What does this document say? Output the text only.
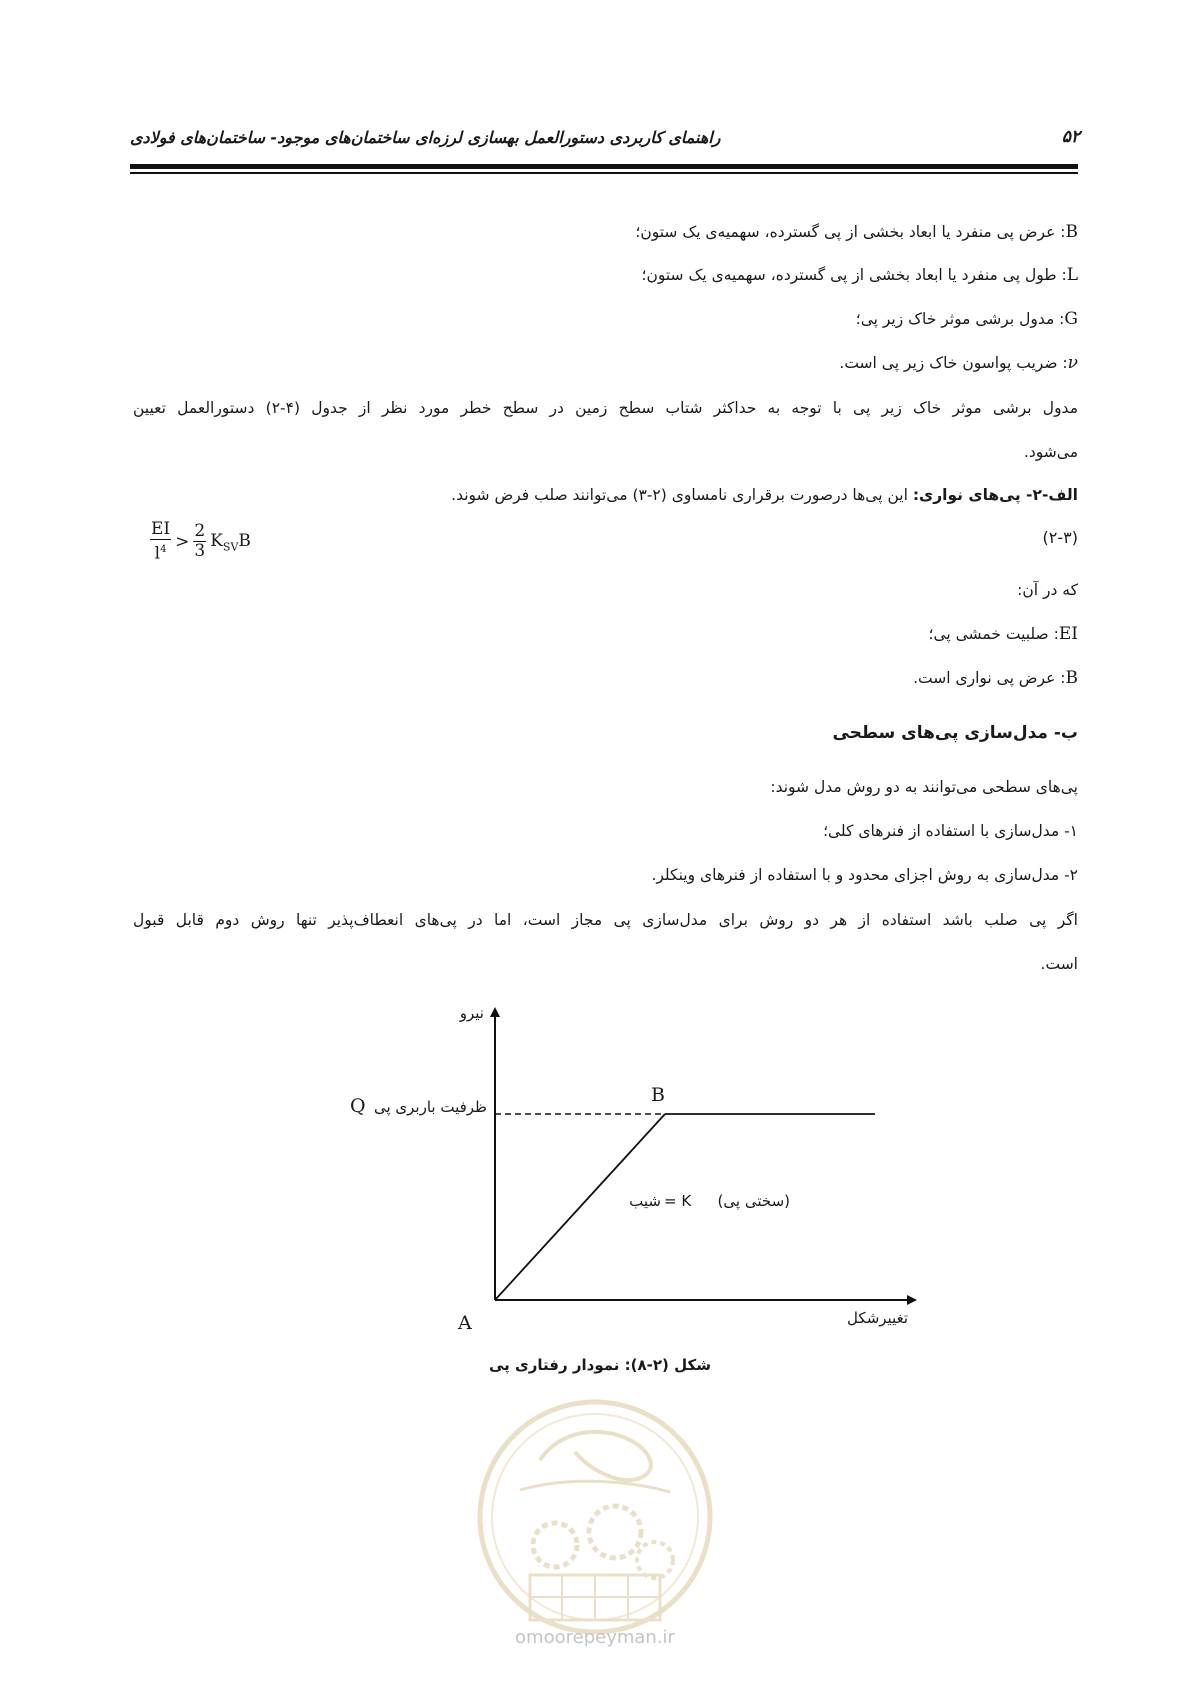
راهنمای کاربردی دستورالعمل بهسازی لرزه‌ای ساختمان‌های موجود- ساختمان‌های فولادی	۵۲
B: عرض پی منفرد یا ابعاد بخشی از پی گسترده، سهمیه‌ی یک ستون؛
L: طول پی منفرد یا ابعاد بخشی از پی گسترده، سهمیه‌ی یک ستون؛
G: مدول برشی موثر خاک زیر پی؛
ν: ضریب پواسون خاک زیر پی است.
مدول برشی موثر خاک زیر پی با توجه به حداکثر شتاب سطح زمین در سطح خطر مورد نظر از جدول (۴-۲) دستورالعمل تعیین
می‌شود.
الف-۲- پی‌های نواری: این پی‌ها درصورت برقراری نامساوی (۲-۳) می‌توانند صلب فرض شوند.
$\frac{EI}{l^4} > \frac{2}{3} K_{SV}B$	(۲-۳)
که در آن:
EI: صلبیت خمشی پی؛
B: عرض پی نواری است.
ب- مدل‌سازی پی‌های سطحی
پی‌های سطحی می‌توانند به دو روش مدل شوند:
۱- مدل‌سازی با استفاده از فنرهای کلی؛
۲- مدل‌سازی به روش اجزای محدود و با استفاده از فنرهای وینکلر.
اگر پی صلب باشد استفاده از هر دو روش برای مدل‌سازی پی مجاز است، اما در پی‌های انعطاف‌پذیر تنها روش دوم قابل قبول
است.
نیرو
تغییرشکل
ظرفیت باربری پی
Q
A
B
شیب = K (سختی پی)
شکل (۲-۸): نمودار رفتاری پی
omoorepeyman.ir
